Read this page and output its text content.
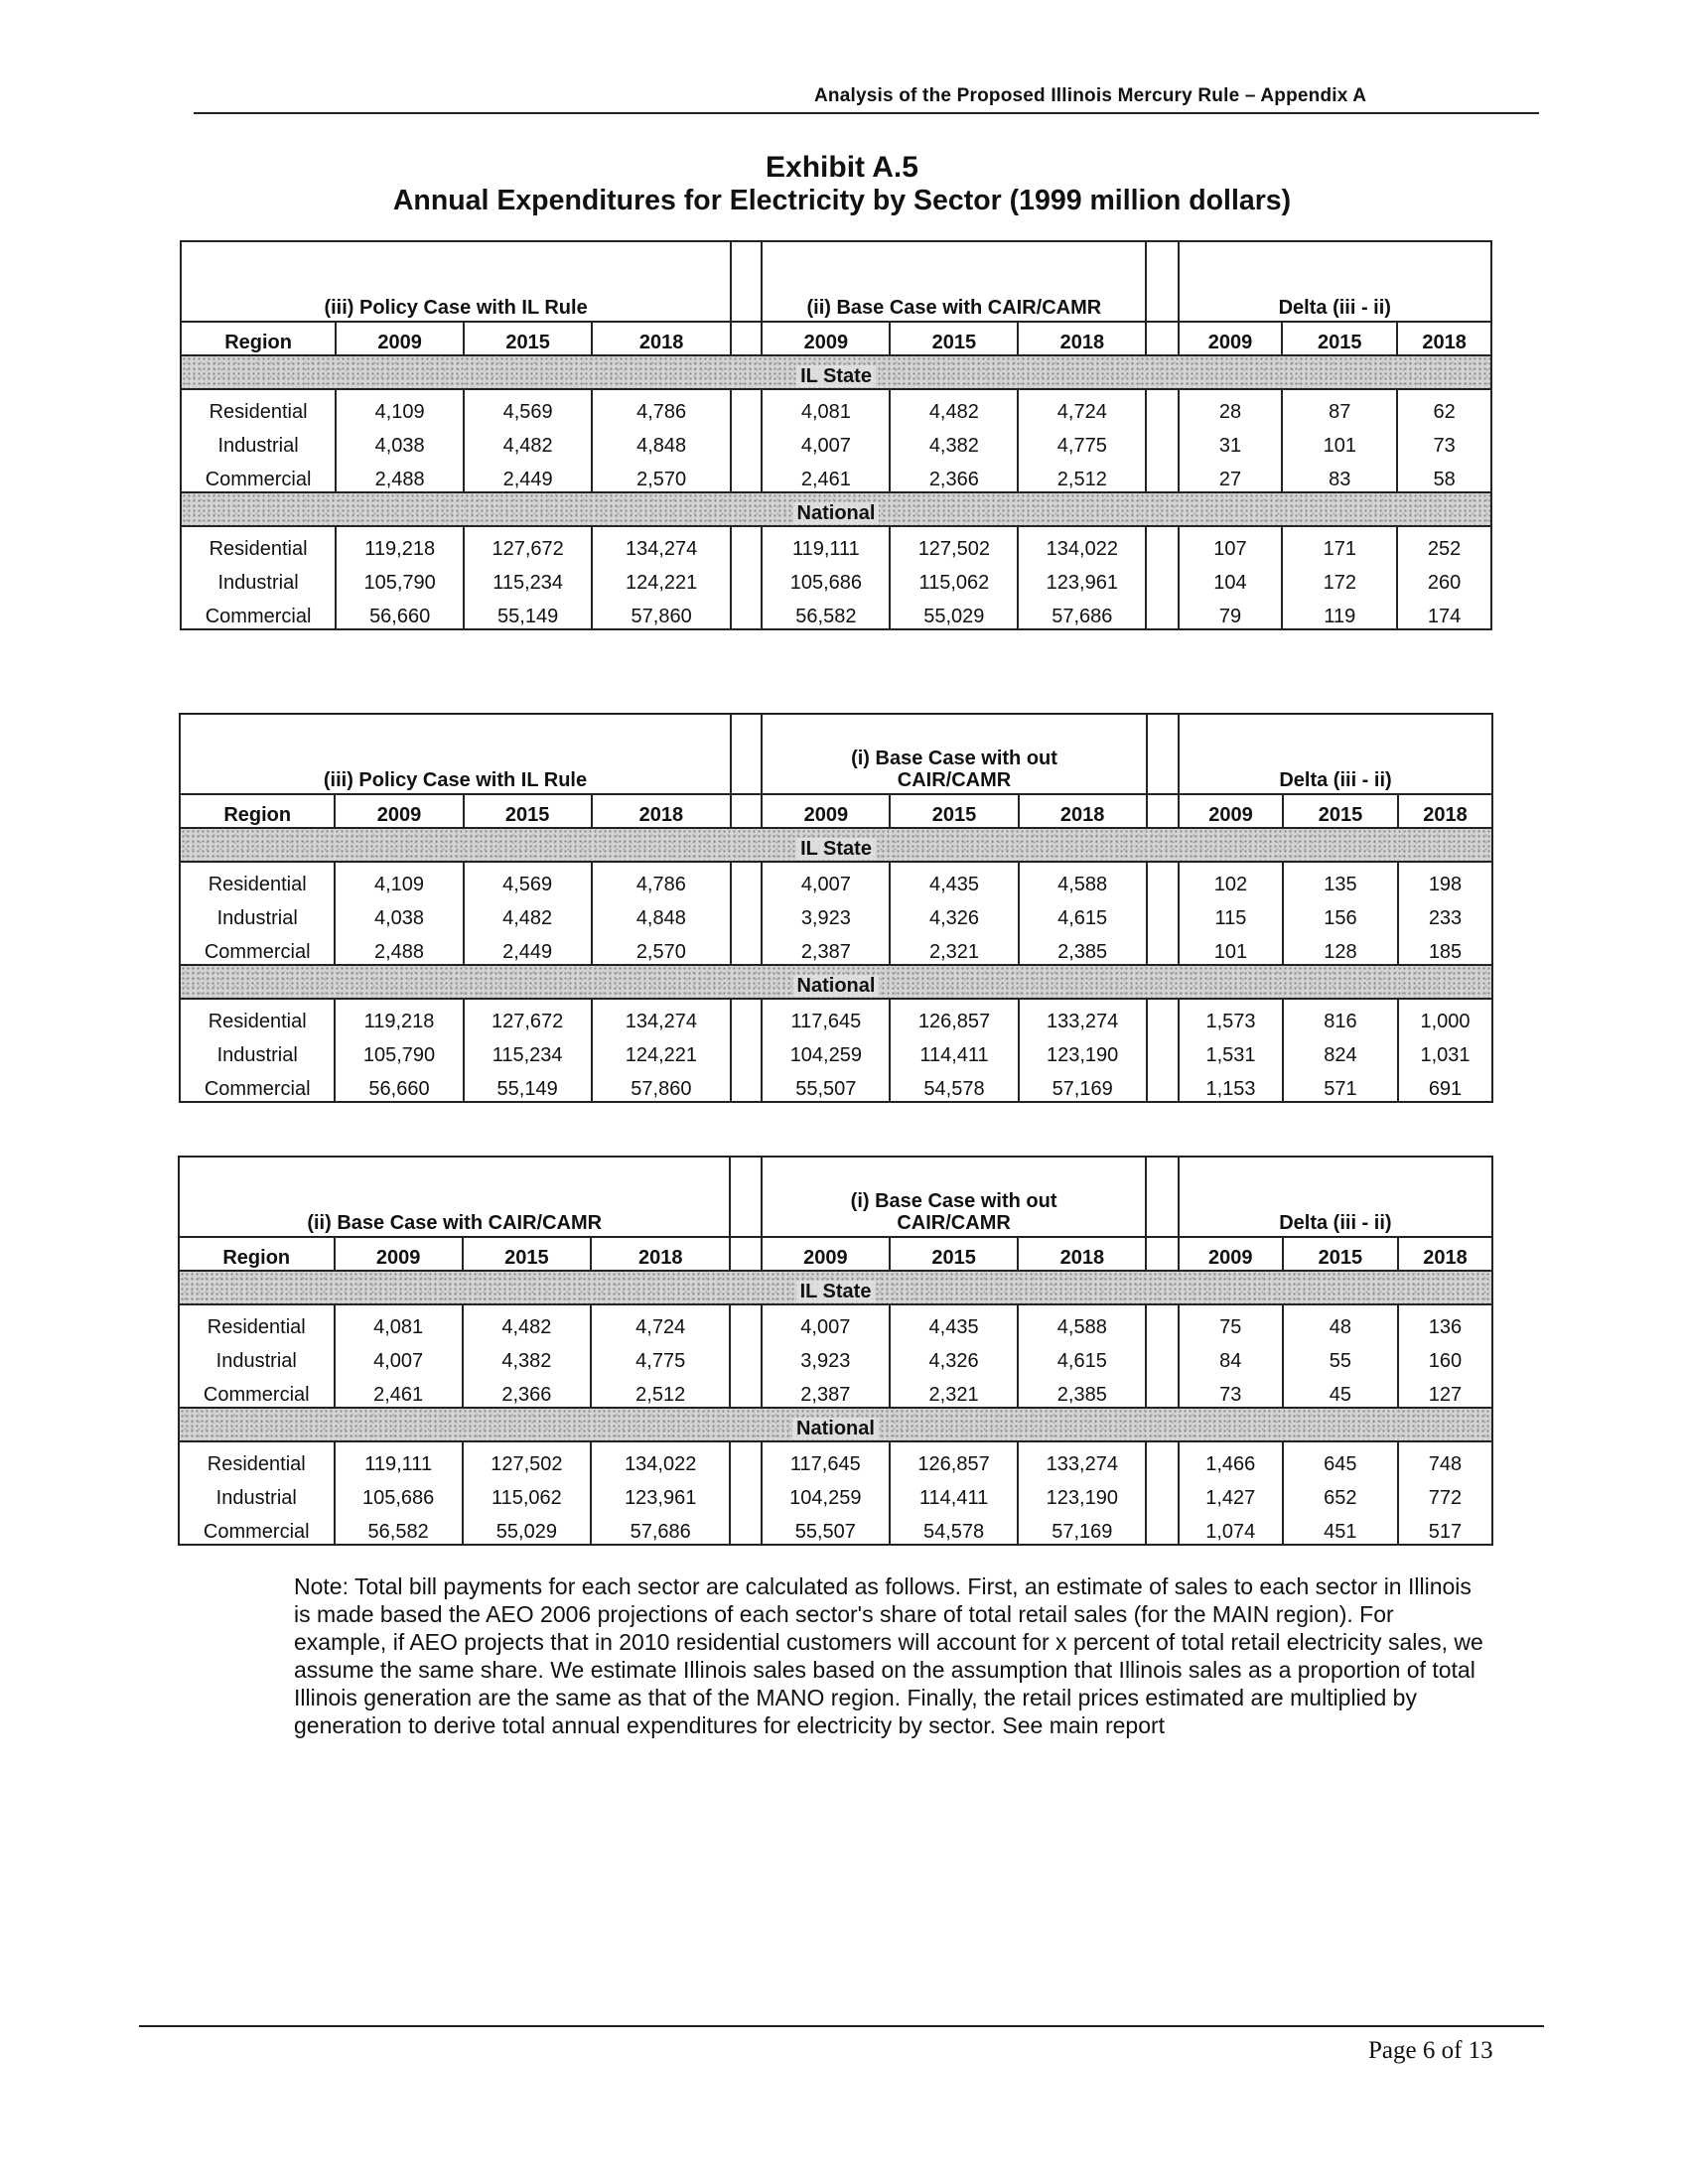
Analysis of the Proposed Illinois Mercury Rule – Appendix A
Exhibit A.5
Annual Expenditures for Electricity by Sector (1999 million dollars)
(iii) Policy Case with IL Rule					(ii) Base Case with CAIR/CAMR				Delta (iii - ii)		
Region	2009	2015	2018		2009	2015	2018		2009	2015	2018
IL State											
Residential	4,109	4,569	4,786		4,081	4,482	4,724		28	87	62
Industrial	4,038	4,482	4,848		4,007	4,382	4,775		31	101	73
Commercial	2,488	2,449	2,570		2,461	2,366	2,512		27	83	58
National											
Residential	119,218	127,672	134,274		119,111	127,502	134,022		107	171	252
Industrial	105,790	115,234	124,221		105,686	115,062	123,961		104	172	260
Commercial	56,660	55,149	57,860		56,582	55,029	57,686		79	119	174
(iii) Policy Case with IL Rule					(i) Base Case with out
CAIR/CAMR				Delta (iii - ii)		
Region	2009	2015	2018		2009	2015	2018		2009	2015	2018
IL State											
Residential	4,109	4,569	4,786		4,007	4,435	4,588		102	135	198
Industrial	4,038	4,482	4,848		3,923	4,326	4,615		115	156	233
Commercial	2,488	2,449	2,570		2,387	2,321	2,385		101	128	185
National											
Residential	119,218	127,672	134,274		117,645	126,857	133,274		1,573	816	1,000
Industrial	105,790	115,234	124,221		104,259	114,411	123,190		1,531	824	1,031
Commercial	56,660	55,149	57,860		55,507	54,578	57,169		1,153	571	691
(ii) Base Case with CAIR/CAMR					(i) Base Case with out
CAIR/CAMR				Delta (iii - ii)		
Region	2009	2015	2018		2009	2015	2018		2009	2015	2018
IL State											
Residential	4,081	4,482	4,724		4,007	4,435	4,588		75	48	136
Industrial	4,007	4,382	4,775		3,923	4,326	4,615		84	55	160
Commercial	2,461	2,366	2,512		2,387	2,321	2,385		73	45	127
National											
Residential	119,111	127,502	134,022		117,645	126,857	133,274		1,466	645	748
Industrial	105,686	115,062	123,961		104,259	114,411	123,190		1,427	652	772
Commercial	56,582	55,029	57,686		55,507	54,578	57,169		1,074	451	517
Note: Total bill payments for each sector are calculated as follows. First, an estimate of sales to each sector in Illinois is made based the AEO 2006 projections of each sector's share of total retail sales (for the MAIN region). For example, if AEO projects that in 2010 residential customers will account for x percent of total retail electricity sales, we assume the same share. We estimate Illinois sales based on the assumption that Illinois sales as a proportion of total Illinois generation are the same as that of the MANO region. Finally, the retail prices estimated are multiplied by generation to derive total annual expenditures for electricity by sector. See main report
Page 6 of 13
